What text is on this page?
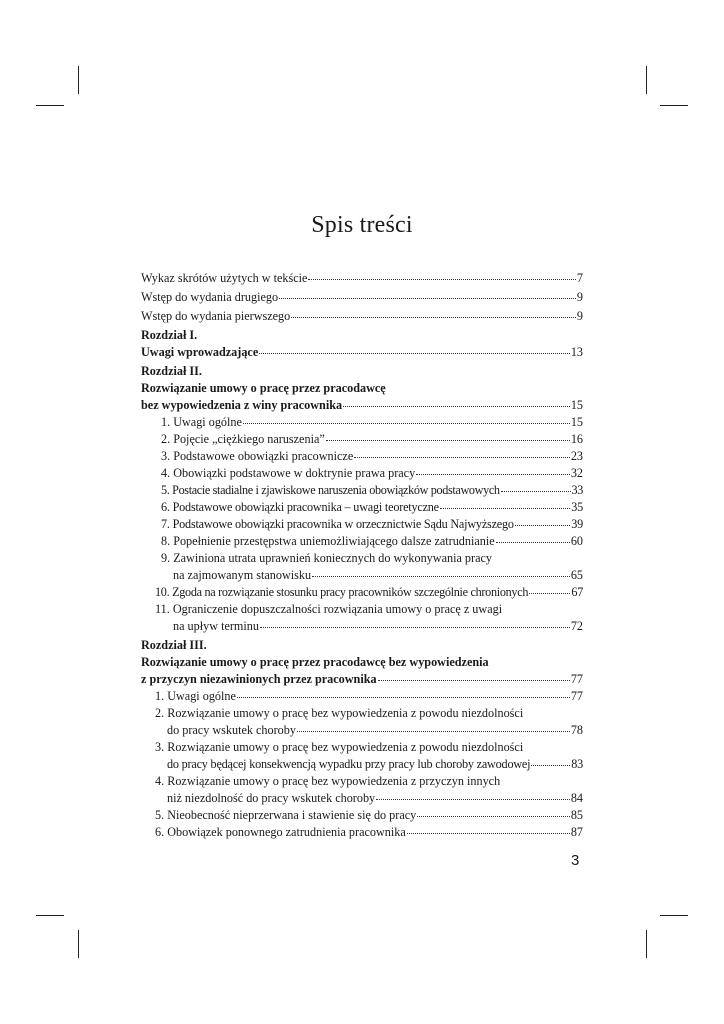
Spis treści
Wykaz skrótów użytych w tekście	7
Wstęp do wydania drugiego	9
Wstęp do wydania pierwszego	9
Rozdział I.
Uwagi wprowadzające	13
Rozdział II.
Rozwiązanie umowy o pracę przez pracodawcę
bez wypowiedzenia z winy pracownika	15
1. Uwagi ogólne	15
2. Pojęcie „ciężkiego naruszenia”	16
3. Podstawowe obowiązki pracownicze	23
4. Obowiązki podstawowe w doktrynie prawa pracy	32
5. Postacie stadialne i zjawiskowe naruszenia obowiązków podstawowych	33
6. Podstawowe obowiązki pracownika – uwagi teoretyczne	35
7. Podstawowe obowiązki pracownika w orzecznictwie Sądu Najwyższego	39
8. Popełnienie przestępstwa uniemożliwiającego dalsze zatrudnianie	60
9. Zawiniona utrata uprawnień koniecznych do wykonywania pracy
na zajmowanym stanowisku	65
10. Zgoda na rozwiązanie stosunku pracy pracowników szczególnie chronionych	67
11. Ograniczenie dopuszczalności rozwiązania umowy o pracę z uwagi
na upływ terminu	72
Rozdział III.
Rozwiązanie umowy o pracę przez pracodawcę bez wypowiedzenia
z przyczyn niezawinionych przez pracownika	77
1. Uwagi ogólne	77
2. Rozwiązanie umowy o pracę bez wypowiedzenia z powodu niezdolności
do pracy wskutek choroby	78
3. Rozwiązanie umowy o pracę bez wypowiedzenia z powodu niezdolności
do pracy będącej konsekwencją wypadku przy pracy lub choroby zawodowej	83
4. Rozwiązanie umowy o pracę bez wypowiedzenia z przyczyn innych
niż niezdolność do pracy wskutek choroby	84
5. Nieobecność nieprzerwana i stawienie się do pracy	85
6. Obowiązek ponownego zatrudnienia pracownika	87
3
